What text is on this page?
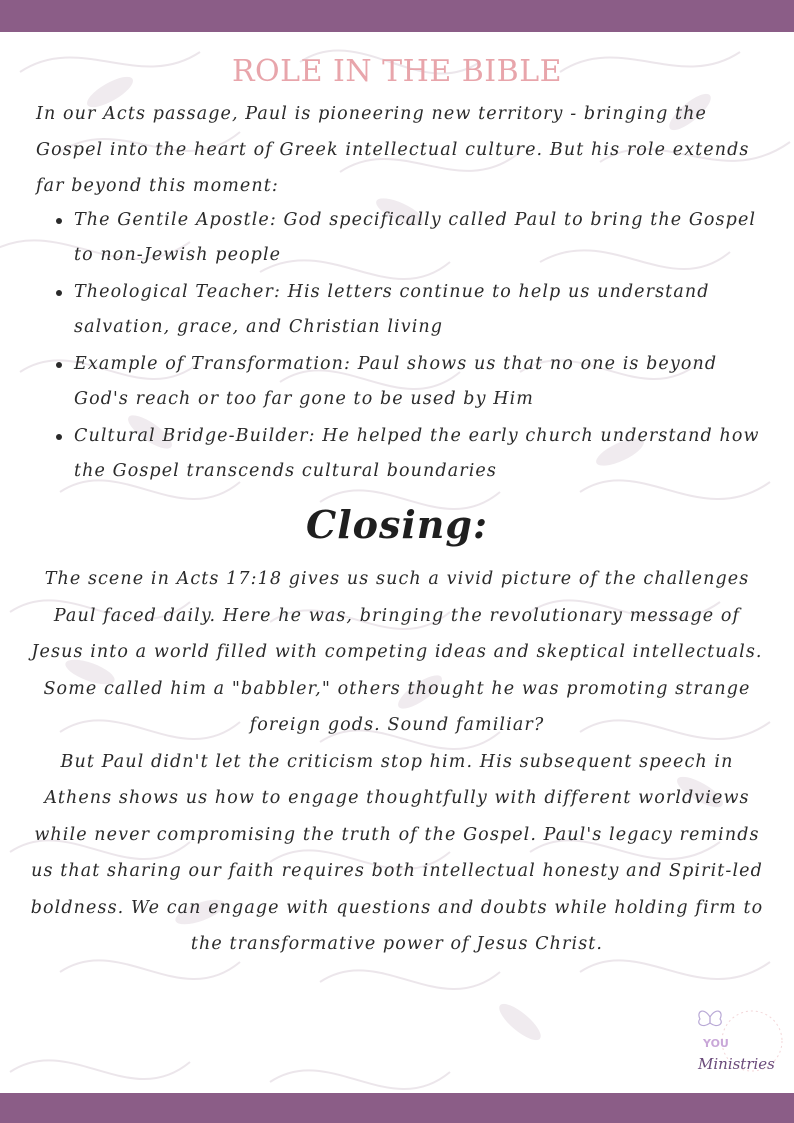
ROLE IN THE BIBLE

In our Acts passage, Paul is pioneering new territory - bringing the Gospel into the heart of Greek intellectual culture. But his role extends far beyond this moment:

The Gentile Apostle: God specifically called Paul to bring the Gospel to non-Jewish people
Theological Teacher: His letters continue to help us understand salvation, grace, and Christian living
Example of Transformation: Paul shows us that no one is beyond God's reach or too far gone to be used by Him
Cultural Bridge-Builder: He helped the early church understand how the Gospel transcends cultural boundaries
Closing:

The scene in Acts 17:18 gives us such a vivid picture of the challenges Paul faced daily. Here he was, bringing the revolutionary message of Jesus into a world filled with competing ideas and skeptical intellectuals. Some called him a "babbler," others thought he was promoting strange foreign gods. Sound familiar?

But Paul didn't let the criticism stop him. His subsequent speech in Athens shows us how to engage thoughtfully with different worldviews while never compromising the truth of the Gospel. Paul's legacy reminds us that sharing our faith requires both intellectual honesty and Spirit-led boldness. We can engage with questions and doubts while holding firm to the transformative power of Jesus Christ.

YOU
Ministries
